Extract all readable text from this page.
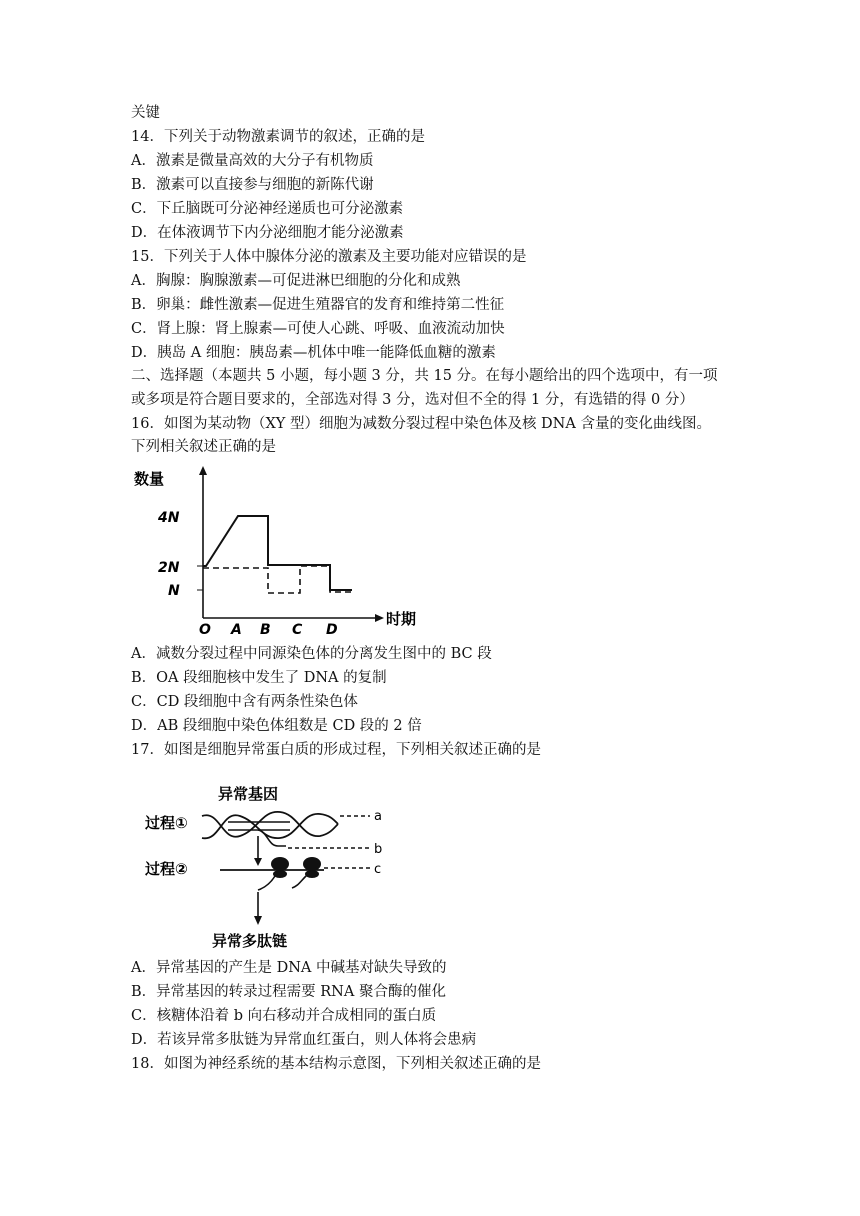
关键
14．下列关于动物激素调节的叙述，正确的是
A．激素是微量高效的大分子有机物质
B．激素可以直接参与细胞的新陈代谢
C．下丘脑既可分泌神经递质也可分泌激素
D．在体液调节下内分泌细胞才能分泌激素
15．下列关于人体中腺体分泌的激素及主要功能对应错误的是
A．胸腺：胸腺激素—可促进淋巴细胞的分化和成熟
B．卵巢：雌性激素—促进生殖器官的发育和维持第二性征
C．肾上腺：肾上腺素—可使人心跳、呼吸、血液流动加快
D．胰岛 A 细胞：胰岛素—机体中唯一能降低血糖的激素
二、选择题（本题共 5 小题，每小题 3 分，共 15 分。在每小题给出的四个选项中，有一项
或多项是符合题目要求的，全部选对得 3 分，选对但不全的得 1 分，有选错的得 0 分）
16．如图为某动物（XY 型）细胞为减数分裂过程中染色体及核 DNA 含量的变化曲线图。
下列相关叙述正确的是
数量
时期
4N
2N
N
O A B C D
A．减数分裂过程中同源染色体的分离发生图中的 BC 段
B．OA 段细胞核中发生了 DNA 的复制
C．CD 段细胞中含有两条性染色体
D．AB 段细胞中染色体组数是 CD 段的 2 倍
17．如图是细胞异常蛋白质的形成过程，下列相关叙述正确的是
异常基因
过程①
过程②
a
b
c
异常多肽链
A．异常基因的产生是 DNA 中碱基对缺失导致的
B．异常基因的转录过程需要 RNA 聚合酶的催化
C．核糖体沿着 b 向右移动并合成相同的蛋白质
D．若该异常多肽链为异常血红蛋白，则人体将会患病
18．如图为神经系统的基本结构示意图，下列相关叙述正确的是
